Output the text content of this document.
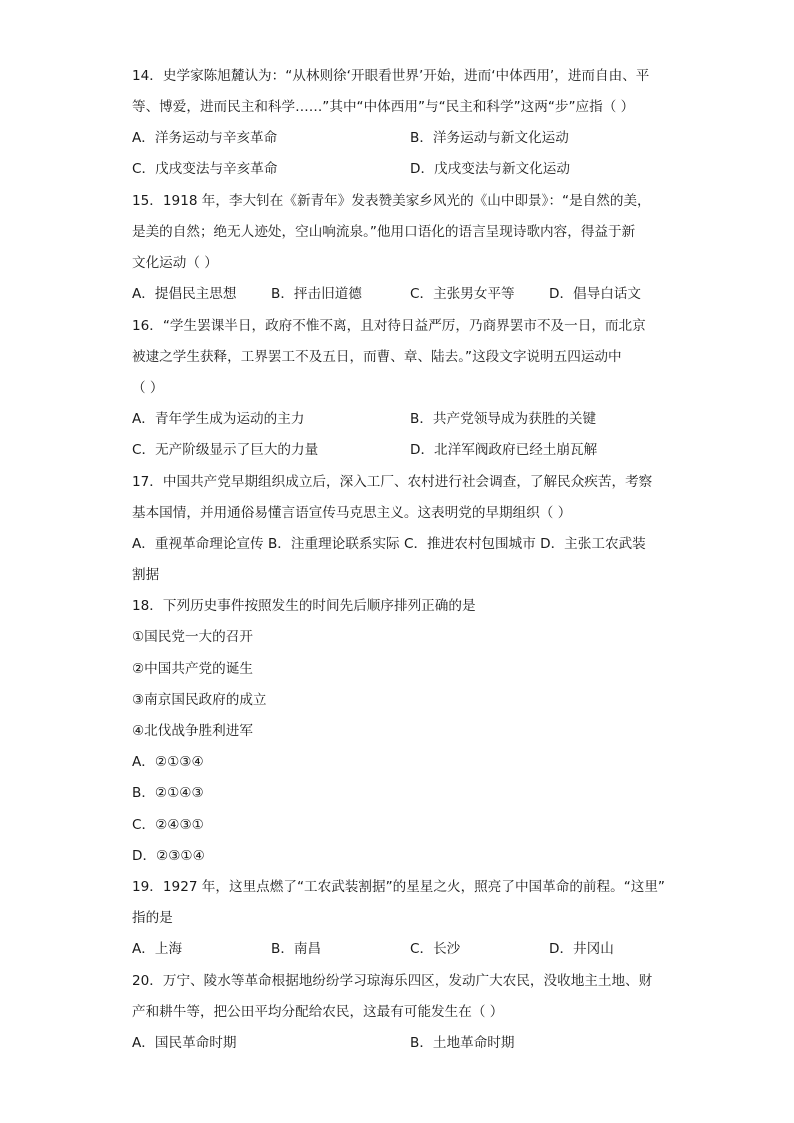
14．史学家陈旭麓认为：“从林则徐‘开眼看世界’开始，进而‘中体西用’，进而自由、平
等、博爱，进而民主和科学……”其中“中体西用”与“民主和科学”这两“步”应指（ ）
A．洋务运动与辛亥革命	B．洋务运动与新文化运动
C．戊戌变法与辛亥革命	D．戊戌变法与新文化运动
15．1918 年，李大钊在《新青年》发表赞美家乡风光的《山中即景》：“是自然的美，
是美的自然；绝无人迹处，空山响流泉。”他用口语化的语言呈现诗歌内容，得益于新
文化运动（ ）
A．提倡民主思想	B．抨击旧道德	C．主张男女平等	D．倡导白话文
16．“学生罢课半日，政府不惟不离，且对待日益严厉，乃商界罢市不及一日，而北京
被逮之学生获释，工界罢工不及五日，而曹、章、陆去。”这段文字说明五四运动中
（ ）
A．青年学生成为运动的主力	B．共产党领导成为获胜的关键
C．无产阶级显示了巨大的力量	D．北洋军阀政府已经土崩瓦解
17．中国共产党早期组织成立后，深入工厂、农村进行社会调查，了解民众疾苦，考察
基本国情，并用通俗易懂言语宣传马克思主义。这表明党的早期组织（ ）
A．重视革命理论宣传 B．注重理论联系实际 C．推进农村包围城市 D．主张工农武装
割据
18．下列历史事件按照发生的时间先后顺序排列正确的是
①国民党一大的召开
②中国共产党的诞生
③南京国民政府的成立
④北伐战争胜利进军
A．②①③④
B．②①④③
C．②④③①
D．②③①④
19．1927 年，这里点燃了“工农武装割据”的星星之火，照亮了中国革命的前程。“这里”
指的是
A．上海	B．南昌	C．长沙	D．井冈山
20．万宁、陵水等革命根据地纷纷学习琼海乐四区，发动广大农民，没收地主土地、财
产和耕牛等，把公田平均分配给农民，这最有可能发生在（ ）
A．国民革命时期	B．土地革命时期
